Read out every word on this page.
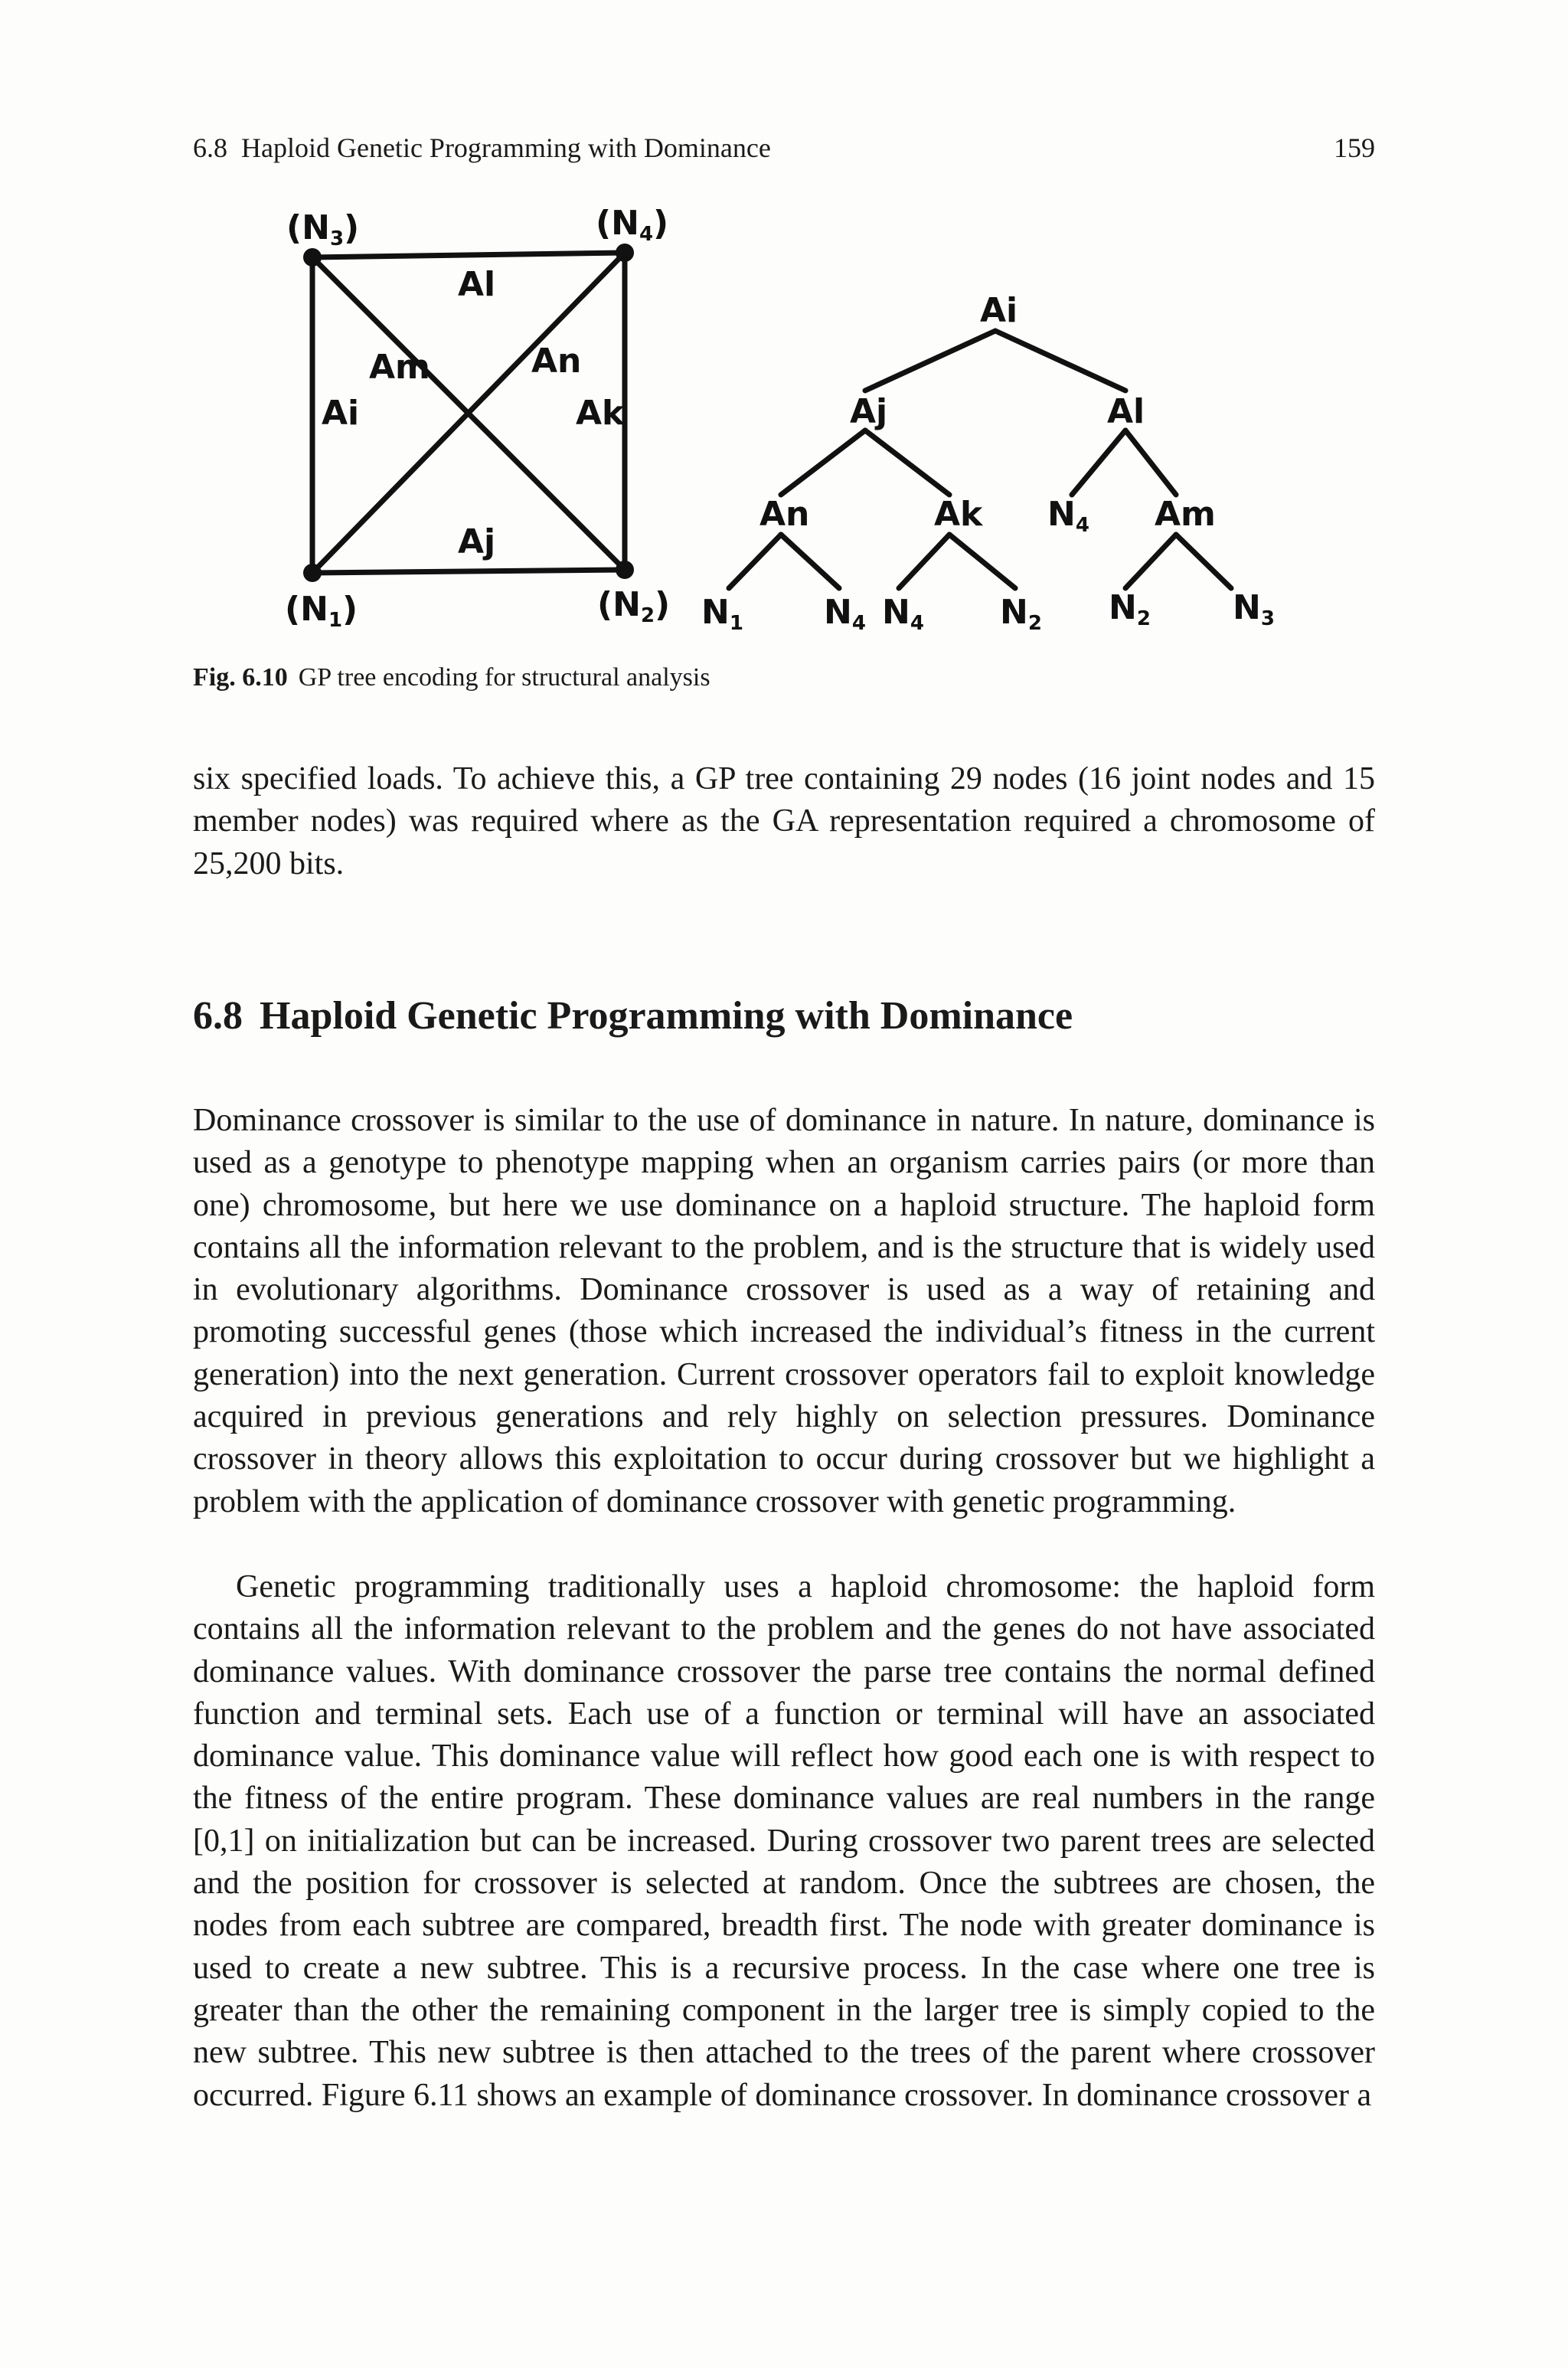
6.8  Haploid Genetic Programming with Dominance	159
(N3)	(N4)
(N1)	(N2)
Al
Aj
Ai	Ak
Am	An
Ai
Aj	Al
An	Ak N4 Am
N1 N4 N4 N2 N2 N3
Fig. 6.10 GP tree encoding for structural analysis

six specified loads. To achieve this, a GP tree containing 29 nodes (16 joint nodes and 15 member nodes) was required where as the GA representation required a chromosome of 25,200 bits.

6.8 Haploid Genetic Programming with Dominance

Dominance crossover is similar to the use of dominance in nature. In nature, dominance is used as a genotype to phenotype mapping when an organism carries pairs (or more than one) chromosome, but here we use dominance on a haploid structure. The haploid form contains all the information relevant to the problem, and is the structure that is widely used in evolutionary algorithms. Dominance crossover is used as a way of retaining and promoting successful genes (those which increased the individual’s fitness in the current generation) into the next generation. Current crossover operators fail to exploit knowledge acquired in previous generations and rely highly on selection pressures. Dominance crossover in theory allows this exploitation to occur during crossover but we highlight a problem with the application of dominance crossover with genetic programming.

Genetic programming traditionally uses a haploid chromosome: the haploid form contains all the information relevant to the problem and the genes do not have associated dominance values. With dominance crossover the parse tree contains the normal defined function and terminal sets. Each use of a function or terminal will have an associated dominance value. This dominance value will reflect how good each one is with respect to the fitness of the entire program. These dominance values are real numbers in the range [0,1] on initialization but can be increased. During crossover two parent trees are selected and the position for crossover is selected at random. Once the subtrees are chosen, the nodes from each subtree are compared, breadth first. The node with greater dominance is used to create a new subtree. This is a recursive process. In the case where one tree is greater than the other the remaining component in the larger tree is simply copied to the new subtree. This new subtree is then attached to the trees of the parent where crossover occurred. Figure 6.11 shows an example of dominance crossover. In dominance crossover a
